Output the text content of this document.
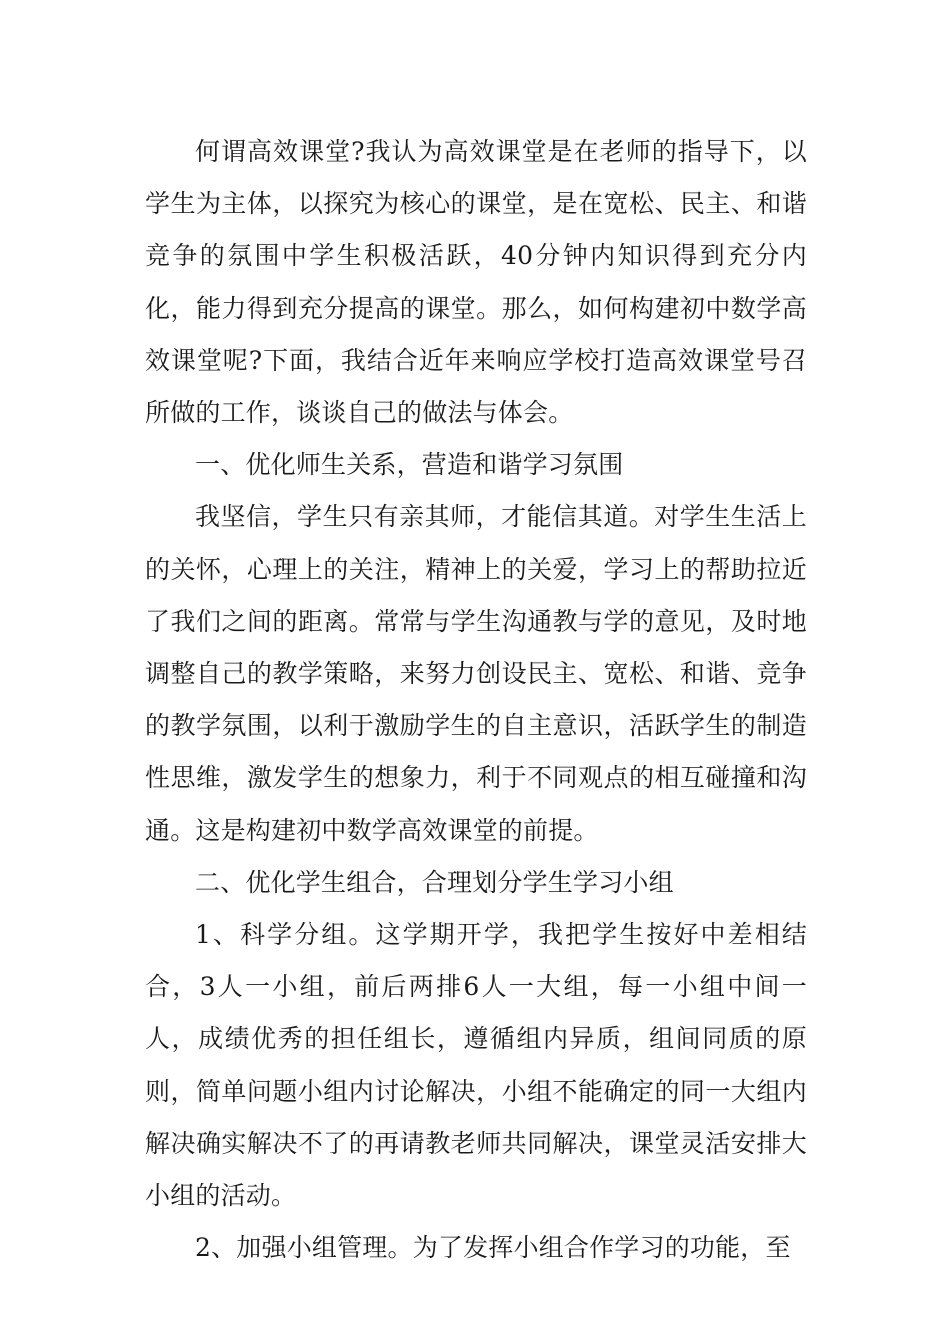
何谓高效课堂?我认为高效课堂是在老师的指导下，以学生为主体，以探究为核心的课堂，是在宽松、民主、和谐竞争的氛围中学生积极活跃，40分钟内知识得到充分内化，能力得到充分提高的课堂。那么，如何构建初中数学高效课堂呢?下面，我结合近年来响应学校打造高效课堂号召所做的工作，谈谈自己的做法与体会。

一、优化师生关系，营造和谐学习氛围

我坚信，学生只有亲其师，才能信其道。对学生生活上的关怀，心理上的关注，精神上的关爱，学习上的帮助拉近了我们之间的距离。常常与学生沟通教与学的意见，及时地调整自己的教学策略，来努力创设民主、宽松、和谐、竞争的教学氛围，以利于激励学生的自主意识，活跃学生的制造性思维，激发学生的想象力，利于不同观点的相互碰撞和沟通。这是构建初中数学高效课堂的前提。

二、优化学生组合，合理划分学生学习小组

1、科学分组。这学期开学，我把学生按好中差相结合，3人一小组，前后两排6人一大组，每一小组中间一人，成绩优秀的担任组长，遵循组内异质，组间同质的原则，简单问题小组内讨论解决，小组不能确定的同一大组内解决确实解决不了的再请教老师共同解决，课堂灵活安排大小组的活动。

2、加强小组管理。为了发挥小组合作学习的功能，至
